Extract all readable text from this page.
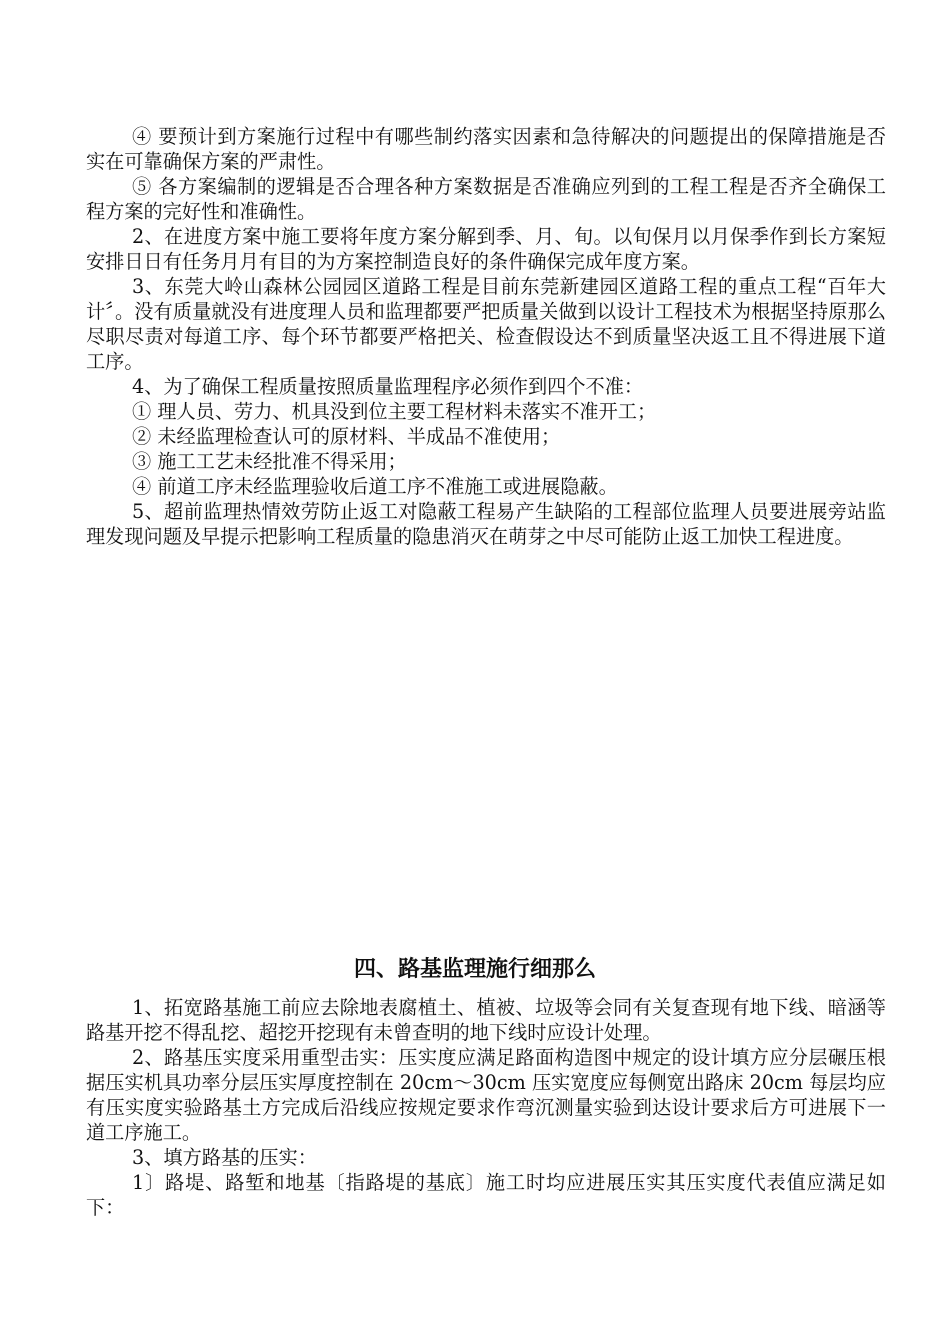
④ 要预计到方案施行过程中有哪些制约落实因素和急待解决的问题提出的保障措施是否实在可靠确保方案的严肃性。

⑤ 各方案编制的逻辑是否合理各种方案数据是否准确应列到的工程工程是否齐全确保工程方案的完好性和准确性。

2、在进度方案中施工要将年度方案分解到季、月、旬。以旬保月以月保季作到长方案短安排日日有任务月月有目的为方案控制造良好的条件确保完成年度方案。

3、东莞大岭山森林公园园区道路工程是目前东莞新建园区道路工程的重点工程“百年大计〞。没有质量就没有进度理人员和监理都要严把质量关做到以设计工程技术为根据坚持原那么尽职尽责对每道工序、每个环节都要严格把关、检查假设达不到质量坚决返工且不得进展下道工序。

4、为了确保工程质量按照质量监理程序必须作到四个不准：

① 理人员、劳力、机具没到位主要工程材料未落实不准开工；

② 未经监理检查认可的原材料、半成品不准使用；

③ 施工工艺未经批准不得采用；

④ 前道工序未经监理验收后道工序不准施工或进展隐蔽。

5、超前监理热情效劳防止返工对隐蔽工程易产生缺陷的工程部位监理人员要进展旁站监理发现问题及早提示把影响工程质量的隐患消灭在萌芽之中尽可能防止返工加快工程进度。

四、路基监理施行细那么

1、拓宽路基施工前应去除地表腐植土、植被、垃圾等会同有关复查现有地下线、暗涵等路基开挖不得乱挖、超挖开挖现有未曾查明的地下线时应设计处理。

2、路基压实度采用重型击实：压实度应满足路面构造图中规定的设计填方应分层碾压根据压实机具功率分层压实厚度控制在 20cm～30cm 压实宽度应每侧宽出路床 20cm 每层均应有压实度实验路基土方完成后沿线应按规定要求作弯沉测量实验到达设计要求后方可进展下一道工序施工。

3、填方路基的压实：

1〕路堤、路堑和地基〔指路堤的基底〕施工时均应进展压实其压实度代表值应满足如下：
